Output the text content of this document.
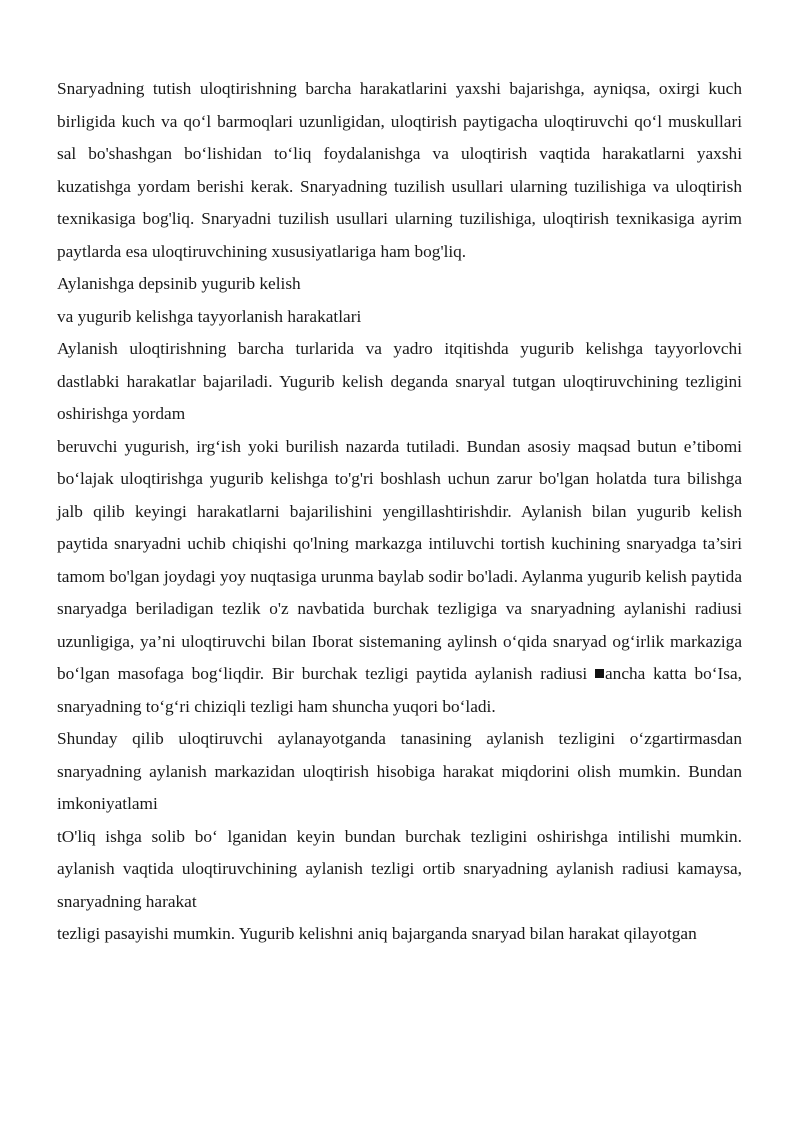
Snaryadning tutish uloqtirishning barcha harakatlarini yaxshi bajarishga, ayniqsa, oxirgi kuch birligida kuch va qo‘l barmoqlari uzunligidan, uloqtirish paytigacha uloqtiruvchi qo‘l muskullari sal bo'shashgan bo‘lishidan to‘liq foydalanishga va uloqtirish vaqtida harakatlarni yaxshi kuzatishga yordam berishi kerak. Snaryadning tuzilish usullari ularning tuzilishiga va uloqtirish texnikasiga bog'liq. Snaryadni tuzilish usullari ularning tuzilishiga, uloqtirish texnikasiga ayrim paytlarda esa uloqtiruvchining xususiyatlariga ham bog'liq.

Aylanishga depsinib yugurib kelish

va yugurib kelishga tayyorlanish harakatlari

Aylanish uloqtirishning barcha turlarida va yadro itqitishda yugurib kelishga tayyorlovchi dastlabki harakatlar bajariladi. Yugurib kelish deganda snaryal tutgan uloqtiruvchining tezligini oshirishga yordam

beruvchi yugurish, irg‘ish yoki burilish nazarda tutiladi. Bundan asosiy maqsad butun e’tibomi bo‘lajak uloqtirishga yugurib kelishga to'g'ri boshlash uchun zarur bo'lgan holatda tura bilishga jalb qilib keyingi harakatlarni bajarilishini yengillashtirishdir. Aylanish bilan yugurib kelish paytida snaryadni uchib chiqishi qo'lning markazga intiluvchi tortish kuchining snaryadga ta’siri tamom bo'lgan joydagi yoy nuqtasiga urunma baylab sodir bo'ladi. Aylanma yugurib kelish paytida snaryadga beriladigan tezlik o'z navbatida burchak tezligiga va snaryadning aylanishi radiusi uzunligiga, ya’ni uloqtiruvchi bilan Iborat sistemaning aylinsh o‘qida snaryad og‘irlik markaziga bo‘lgan masofaga bog‘liqdir. Bir burchak tezligi paytida aylanish radiusi ancha katta bo‘Isa, snaryadning to‘g‘ri chiziqli tezligi ham shuncha yuqori bo‘ladi.

Shunday qilib uloqtiruvchi aylanayotganda tanasining aylanish tezligini o‘zgartirmasdan snaryadning aylanish markazidan uloqtirish hisobiga harakat miqdorini olish mumkin. Bundan imkoniyatlami

tO'liq ishga solib bo‘ lganidan keyin bundan burchak tezligini oshirishga intilishi mumkin. aylanish vaqtida uloqtiruvchining aylanish tezligi ortib snaryadning aylanish radiusi kamaysa, snaryadning harakat

tezligi pasayishi mumkin. Yugurib kelishni aniq bajarganda snaryad bilan harakat qilayotgan
